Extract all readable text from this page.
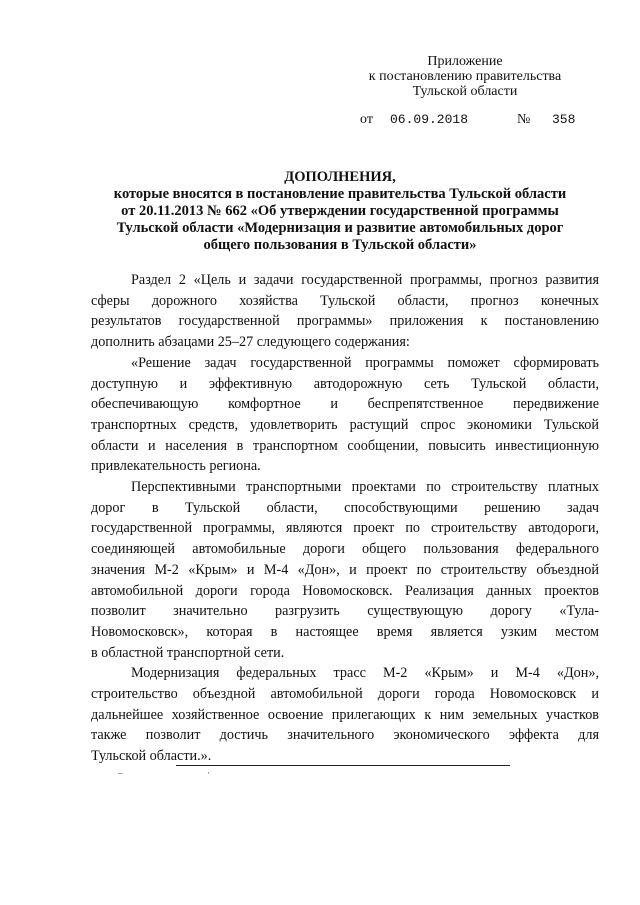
Приложение
к постановлению правительства
Тульской области
от 06.09.2018	№ 358
ДОПОЛНЕНИЯ,
которые вносятся в постановление правительства Тульской области
от 20.11.2013 № 662 «Об утверждении государственной программы
Тульской области «Модернизация и развитие автомобильных дорог
общего пользования в Тульской области»
Раздел 2 «Цель и задачи государственной программы, прогноз развития
сферы дорожного хозяйства Тульской области, прогноз конечных
результатов государственной программы» приложения к постановлению
дополнить абзацами 25–27 следующего содержания:
«Решение задач государственной программы поможет сформировать
доступную и эффективную автодорожную сеть Тульской области,
обеспечивающую комфортное и беспрепятственное передвижение
транспортных средств, удовлетворить растущий спрос экономики Тульской
области и населения в транспортном сообщении, повысить инвестиционную
привлекательность региона.
Перспективными транспортными проектами по строительству платных
дорог в Тульской области, способствующими решению задач
государственной программы, являются проект по строительству автодороги,
соединяющей автомобильные дороги общего пользования федерального
значения М-2 «Крым» и М-4 «Дон», и проект по строительству объездной
автомобильной дороги города Новомосковск. Реализация данных проектов
позволит значительно разгрузить существующую дорогу «Тула-
Новомосковск», которая в настоящее время является узким местом
в областной транспортной сети.
Модернизация федеральных трасс М-2 «Крым» и М-4 «Дон»,
строительство объездной автомобильной дороги города Новомосковск и
дальнейшее хозяйственное освоение прилегающих к ним земельных участков
также позволит достичь значительного экономического эффекта для
Тульской области.».
–	·
